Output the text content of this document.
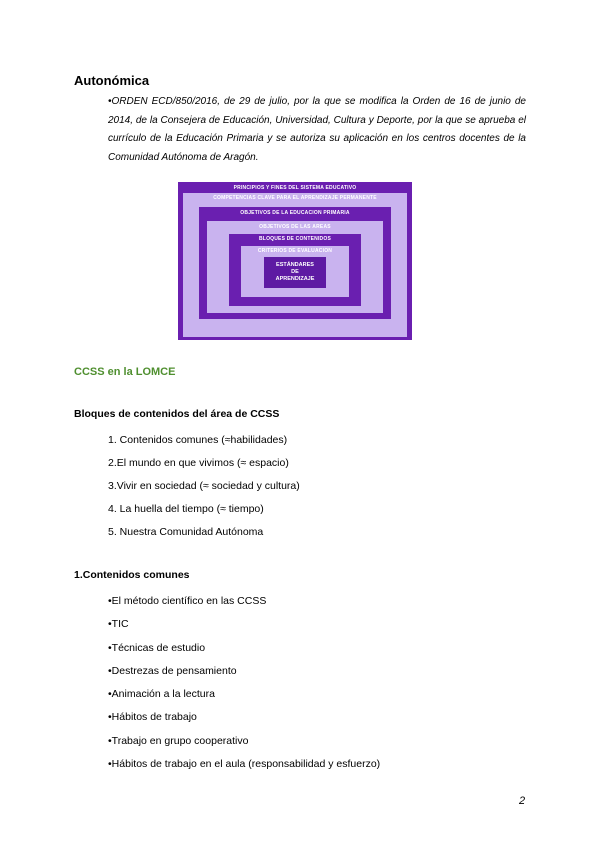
Autonómica
•ORDEN ECD/850/2016, de 29 de julio, por la que se modifica la Orden de 16 de junio de 2014, de la Consejera de Educación, Universidad, Cultura y Deporte, por la que se aprueba el currículo de la Educación Primaria y se autoriza su aplicación en los centros docentes de la Comunidad Autónoma de Aragón.
PRINCIPIOS Y FINES DEL SISTEMA EDUCATIVO
COMPETENCIAS CLAVE PARA EL APRENDIZAJE PERMANENTE
OBJETIVOS DE LA EDUCACIÓN PRIMARIA
OBJETIVOS DE LAS ÁREAS
BLOQUES DE CONTENIDOS
CRITERIOS DE EVALUACIÓN
ESTÁNDARES DE APRENDIZAJE
CCSS en la LOMCE
Bloques de contenidos del área de CCSS
1. Contenidos comunes (≈habilidades)
2.El mundo en que vivimos (≈ espacio)
3.Vivir en sociedad (≈ sociedad y cultura)
4. La huella del tiempo (≈ tiempo)
5. Nuestra Comunidad Autónoma
1.Contenidos comunes
•El método científico en las CCSS
•TIC
•Técnicas de estudio
•Destrezas de pensamiento
•Animación a la lectura
•Hábitos de trabajo
•Trabajo en grupo cooperativo
•Hábitos de trabajo en el aula (responsabilidad y esfuerzo)
2
